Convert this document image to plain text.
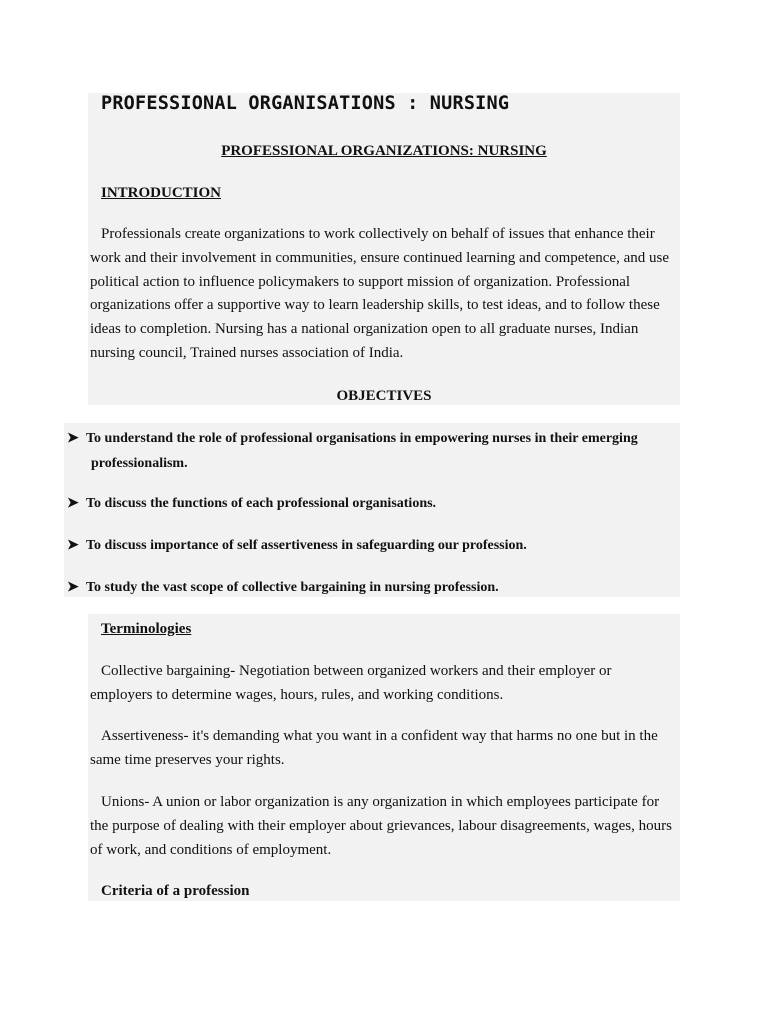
PROFESSIONAL ORGANISATIONS : NURSING
PROFESSIONAL ORGANIZATIONS: NURSING
INTRODUCTION
Professionals create organizations to work collectively on behalf of issues that enhance their work and their involvement in communities, ensure continued learning and competence, and use political action to influence policymakers to support mission of organization. Professional organizations offer a supportive way to learn leadership skills, to test ideas, and to follow these ideas to completion. Nursing has a national organization open to all graduate nurses, Indian nursing council, Trained nurses association of India.
OBJECTIVES
➤ To understand the role of professional organisations in empowering nurses in their emerging
professionalism.
➤ To discuss the functions of each professional organisations.
➤ To discuss importance of self assertiveness in safeguarding our profession.
➤ To study the vast scope of collective bargaining in nursing profession.
Terminologies
Collective bargaining- Negotiation between organized workers and their employer or employers to determine wages, hours, rules, and working conditions.
Assertiveness- it's demanding what you want in a confident way that harms no one but in the same time preserves your rights.
Unions- A union or labor organization is any organization in which employees participate for the purpose of dealing with their employer about grievances, labour disagreements, wages, hours of work, and conditions of employment.
Criteria of a profession
